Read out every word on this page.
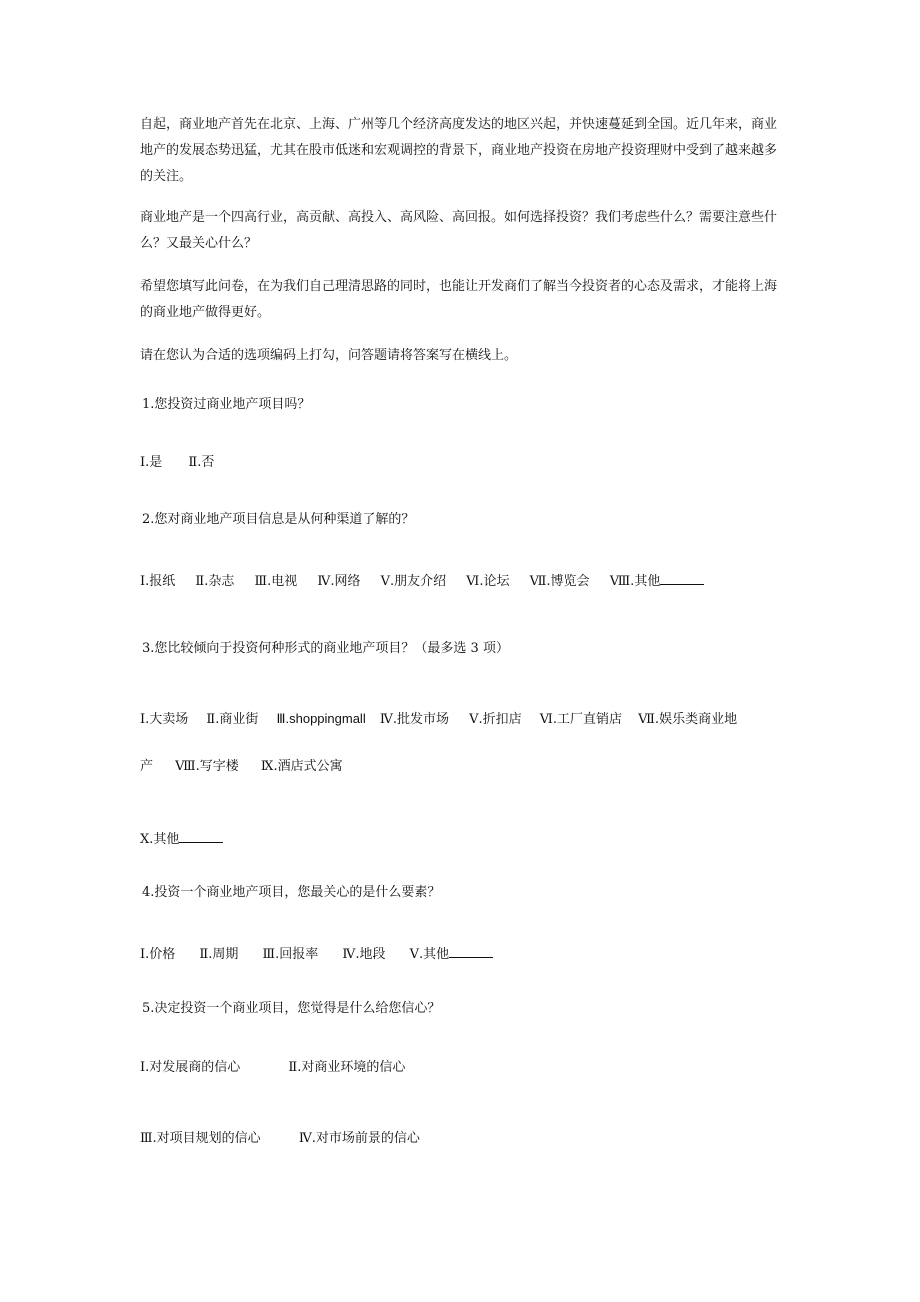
自起，商业地产首先在北京、上海、广州等几个经济高度发达的地区兴起，并快速蔓延到全国。近几年来，商业地产的发展态势迅猛，尤其在股市低迷和宏观调控的背景下，商业地产投资在房地产投资理财中受到了越来越多的关注。

商业地产是一个四高行业，高贡献、高投入、高风险、高回报。如何选择投资？我们考虑些什么？需要注意些什么？又最关心什么？

希望您填写此问卷，在为我们自己理清思路的同时，也能让开发商们了解当今投资者的心态及需求，才能将上海的商业地产做得更好。

请在您认为合适的选项编码上打勾，问答题请将答案写在横线上。

1.您投资过商业地产项目吗？
Ⅰ.是 Ⅱ.否
2.您对商业地产项目信息是从何种渠道了解的？
Ⅰ.报纸 Ⅱ.杂志 Ⅲ.电视 Ⅳ.网络 Ⅴ.朋友介绍 Ⅵ.论坛 Ⅶ.博览会 Ⅷ.其他
3.您比较倾向于投资何种形式的商业地产项目？（最多选 3 项）
Ⅰ.大卖场 Ⅱ.商业街 Ⅲ.shoppingmall Ⅳ.批发市场 Ⅴ.折扣店 Ⅵ.工厂直销店 Ⅶ.娱乐类商业地
产 Ⅷ.写字楼 Ⅸ.酒店式公寓
Ⅹ.其他
4.投资一个商业地产项目，您最关心的是什么要素？
Ⅰ.价格 Ⅱ.周期 Ⅲ.回报率 Ⅳ.地段 Ⅴ.其他
5.决定投资一个商业项目，您觉得是什么给您信心？
Ⅰ.对发展商的信心	Ⅱ.对商业环境的信心
Ⅲ.对项目规划的信心	Ⅳ.对市场前景的信心
